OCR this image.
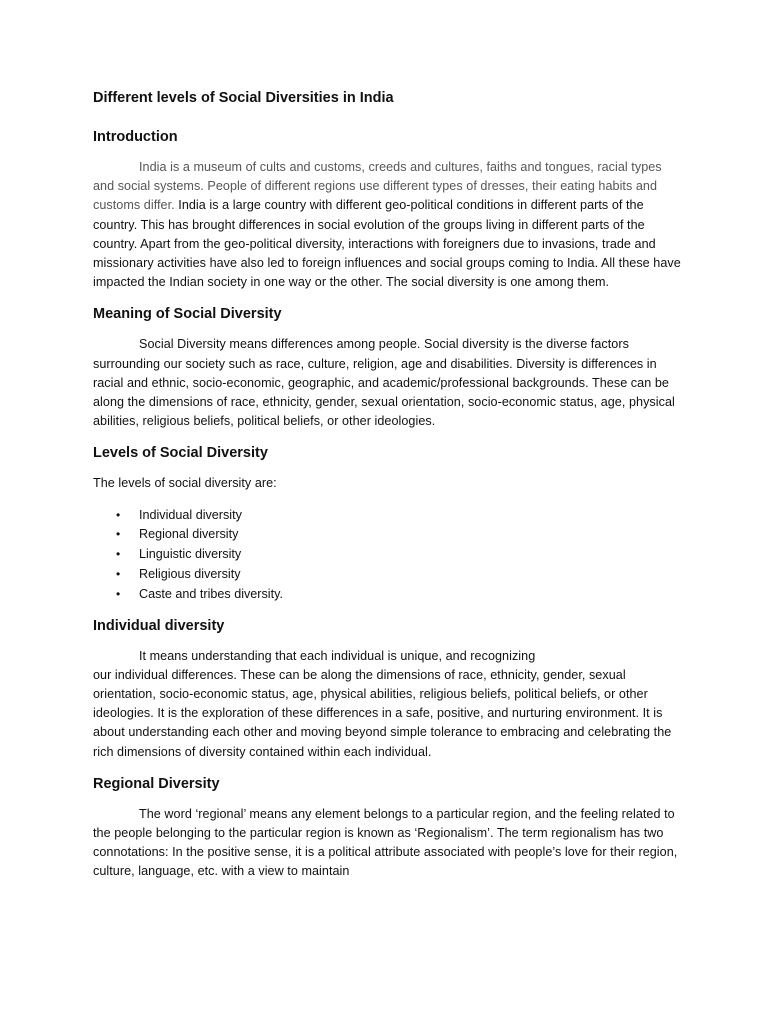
Different levels of Social Diversities in India
Introduction

India is a museum of cults and customs, creeds and cultures, faiths and tongues, racial types and social systems. People of different regions use different types of dresses, their eating habits and customs differ. India is a large country with different geo-political conditions in different parts of the country. This has brought differences in social evolution of the groups living in different parts of the country. Apart from the geo-political diversity, interactions with foreigners due to invasions, trade and missionary activities have also led to foreign influences and social groups coming to India. All these have impacted the Indian society in one way or the other. The social diversity is one among them.

Meaning of Social Diversity

Social Diversity means differences among people. Social diversity is the diverse factors surrounding our society such as race, culture, religion, age and disabilities. Diversity is differences in racial and ethnic, socio-economic, geographic, and academic/professional backgrounds. These can be along the dimensions of race, ethnicity, gender, sexual orientation, socio-economic status, age, physical abilities, religious beliefs, political beliefs, or other ideologies.

Levels of Social Diversity

The levels of social diversity are:

• Individual diversity
• Regional diversity
• Linguistic diversity
• Religious diversity
• Caste and tribes diversity.
Individual diversity

It means understanding that each individual is unique, and recognizing
our individual differences. These can be along the dimensions of race, ethnicity, gender, sexual orientation, socio-economic status, age, physical abilities, religious beliefs, political beliefs, or other ideologies. It is the exploration of these differences in a safe, positive, and nurturing environment. It is about understanding each other and moving beyond simple tolerance to embracing and celebrating the rich dimensions of diversity contained within each individual.

Regional Diversity

The word ‘regional’ means any element belongs to a particular region, and the feeling related to the people belonging to the particular region is known as ‘Regionalism’. The term regionalism has two connotations: In the positive sense, it is a political attribute associated with people’s love for their region, culture, language, etc. with a view to maintain
